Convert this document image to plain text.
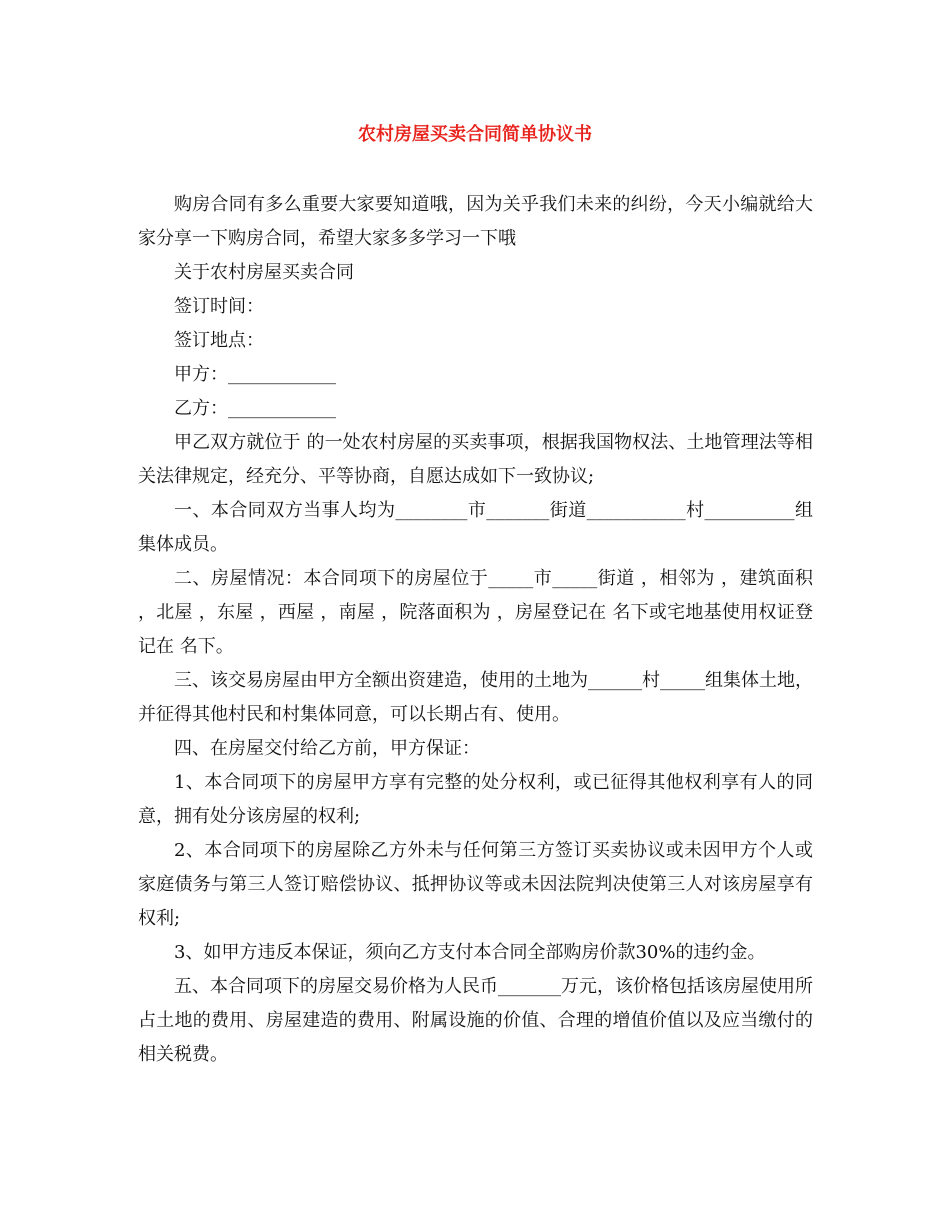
农村房屋买卖合同简单协议书

购房合同有多么重要大家要知道哦，因为关乎我们未来的纠纷，今天小编就给大家分享一下购房合同，希望大家多多学习一下哦

关于农村房屋买卖合同

签订时间：

签订地点：

甲方：____________

乙方：____________

甲乙双方就位于 的一处农村房屋的买卖事项，根据我国物权法、土地管理法等相关法律规定，经充分、平等协商，自愿达成如下一致协议;

一、本合同双方当事人均为________市_______街道___________村__________组集体成员。

二、房屋情况：本合同项下的房屋位于_____市_____街道 ，相邻为 ，建筑面积 ，北屋 ，东屋 ，西屋 ，南屋 ，院落面积为 ，房屋登记在 名下或宅地基使用权证登记在 名下。

三、该交易房屋由甲方全额出资建造，使用的土地为______村_____组集体土地，并征得其他村民和村集体同意，可以长期占有、使用。

四、在房屋交付给乙方前，甲方保证：

1、本合同项下的房屋甲方享有完整的处分权利，或已征得其他权利享有人的同意，拥有处分该房屋的权利;

2、本合同项下的房屋除乙方外未与任何第三方签订买卖协议或未因甲方个人或家庭债务与第三人签订赔偿协议、抵押协议等或未因法院判决使第三人对该房屋享有权利;

3、如甲方违反本保证，须向乙方支付本合同全部购房价款30%的违约金。

五、本合同项下的房屋交易价格为人民币_______万元，该价格包括该房屋使用所占土地的费用、房屋建造的费用、附属设施的价值、合理的增值价值以及应当缴付的相关税费。
